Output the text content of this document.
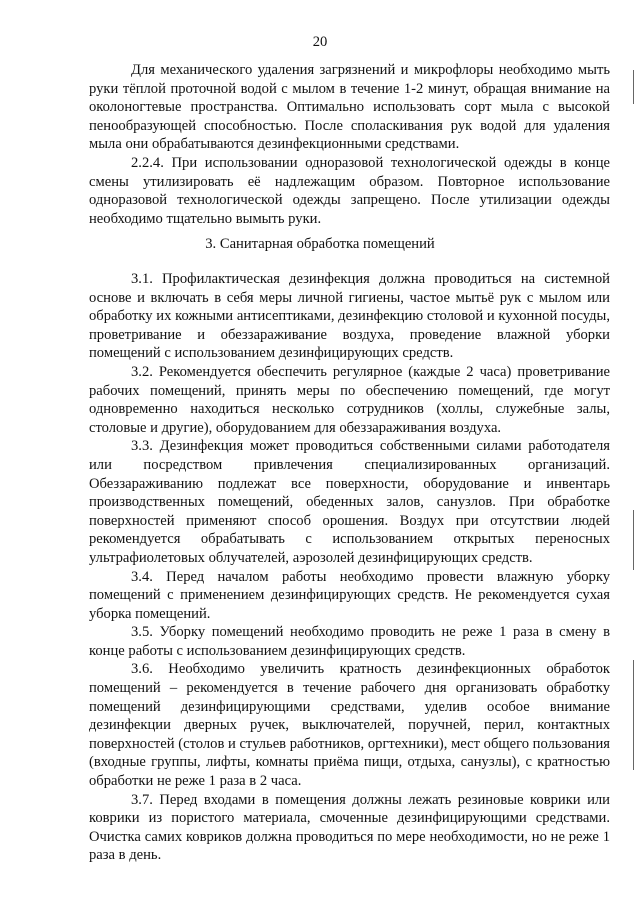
20

Для механического удаления загрязнений и микрофлоры необходимо мыть руки тёплой проточной водой с мылом в течение 1-2 минут, обращая внимание на околоногтевые пространства. Оптимально использовать сорт мыла с высокой пенообразующей способностью. После споласкивания рук водой для удаления мыла они обрабатываются дезинфекционными средствами.

2.2.4. При использовании одноразовой технологической одежды в конце смены утилизировать её надлежащим образом. Повторное использование одноразовой технологической одежды запрещено. После утилизации одежды необходимо тщательно вымыть руки.

3. Санитарная обработка помещений

3.1. Профилактическая дезинфекция должна проводиться на системной основе и включать в себя меры личной гигиены, частое мытьё рук с мылом или обработку их кожными антисептиками, дезинфекцию столовой и кухонной посуды, проветривание и обеззараживание воздуха, проведение влажной уборки помещений с использованием дезинфицирующих средств.

3.2. Рекомендуется обеспечить регулярное (каждые 2 часа) проветривание рабочих помещений, принять меры по обеспечению помещений, где могут одновременно находиться несколько сотрудников (холлы, служебные залы, столовые и другие), оборудованием для обеззараживания воздуха.

3.3. Дезинфекция может проводиться собственными силами работодателя или посредством привлечения специализированных организаций. Обеззараживанию подлежат все поверхности, оборудование и инвентарь производственных помещений, обеденных залов, санузлов. При обработке поверхностей применяют способ орошения. Воздух при отсутствии людей рекомендуется обрабатывать с использованием открытых переносных ультрафиолетовых облучателей, аэрозолей дезинфицирующих средств.

3.4. Перед началом работы необходимо провести влажную уборку помещений с применением дезинфицирующих средств. Не рекомендуется сухая уборка помещений.

3.5. Уборку помещений необходимо проводить не реже 1 раза в смену в конце работы с использованием дезинфицирующих средств.

3.6. Необходимо увеличить кратность дезинфекционных обработок помещений – рекомендуется в течение рабочего дня организовать обработку помещений дезинфицирующими средствами, уделив особое внимание дезинфекции дверных ручек, выключателей, поручней, перил, контактных поверхностей (столов и стульев работников, оргтехники), мест общего пользования (входные группы, лифты, комнаты приёма пищи, отдыха, санузлы), с кратностью обработки не реже 1 раза в 2 часа.

3.7. Перед входами в помещения должны лежать резиновые коврики или коврики из пористого материала, смоченные дезинфицирующими средствами. Очистка самих ковриков должна проводиться по мере необходимости, но не реже 1 раза в день.
